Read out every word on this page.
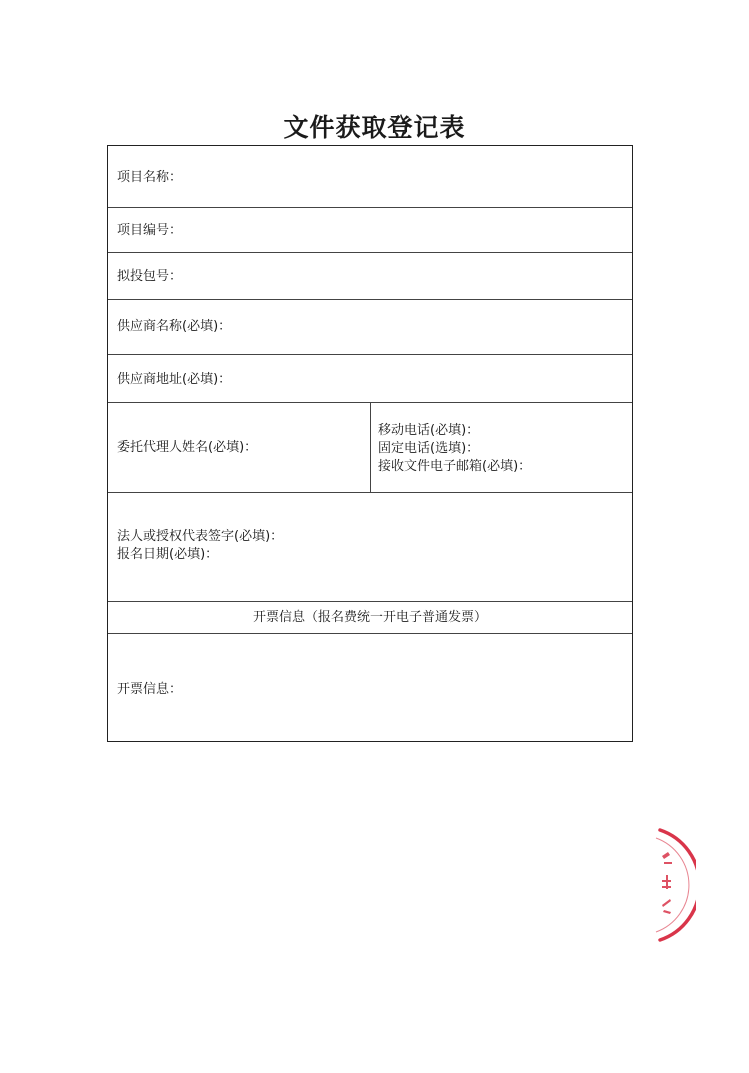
文件获取登记表
项目名称：
项目编号：
拟投包号：
供应商名称(必填)：
供应商地址(必填)：
委托代理人姓名(必填)：
移动电话(必填)：
固定电话(选填)：
接收文件电子邮箱(必填)：
法人或授权代表签字(必填)：
报名日期(必填)：
开票信息（报名费统一开电子普通发票）
开票信息：
